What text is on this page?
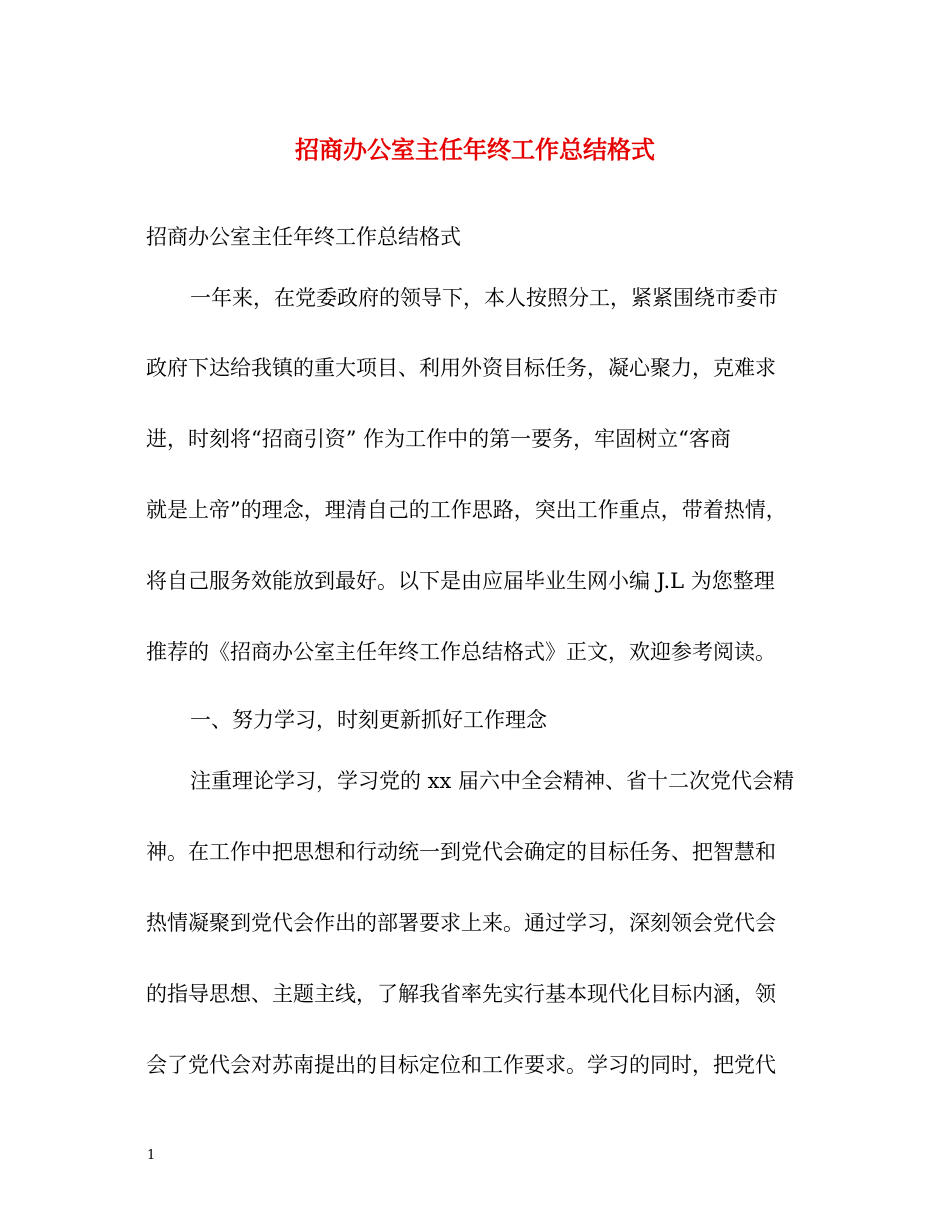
招商办公室主任年终工作总结格式
招商办公室主任年终工作总结格式
一年来，在党委政府的领导下，本人按照分工，紧紧围绕市委市
政府下达给我镇的重大项目、利用外资目标任务，凝心聚力，克难求
进，时刻将“招商引资” 作为工作中的第一要务，牢固树立“客商
就是上帝”的理念，理清自己的工作思路，突出工作重点，带着热情，
将自己服务效能放到最好。以下是由应届毕业生网小编 J.L 为您整理
推荐的《招商办公室主任年终工作总结格式》正文，欢迎参考阅读。
一、努力学习，时刻更新抓好工作理念
注重理论学习，学习党的 xx 届六中全会精神、省十二次党代会精
神。在工作中把思想和行动统一到党代会确定的目标任务、把智慧和
热情凝聚到党代会作出的部署要求上来。通过学习，深刻领会党代会
的指导思想、主题主线，了解我省率先实行基本现代化目标内涵，领
会了党代会对苏南提出的目标定位和工作要求。学习的同时，把党代
1
